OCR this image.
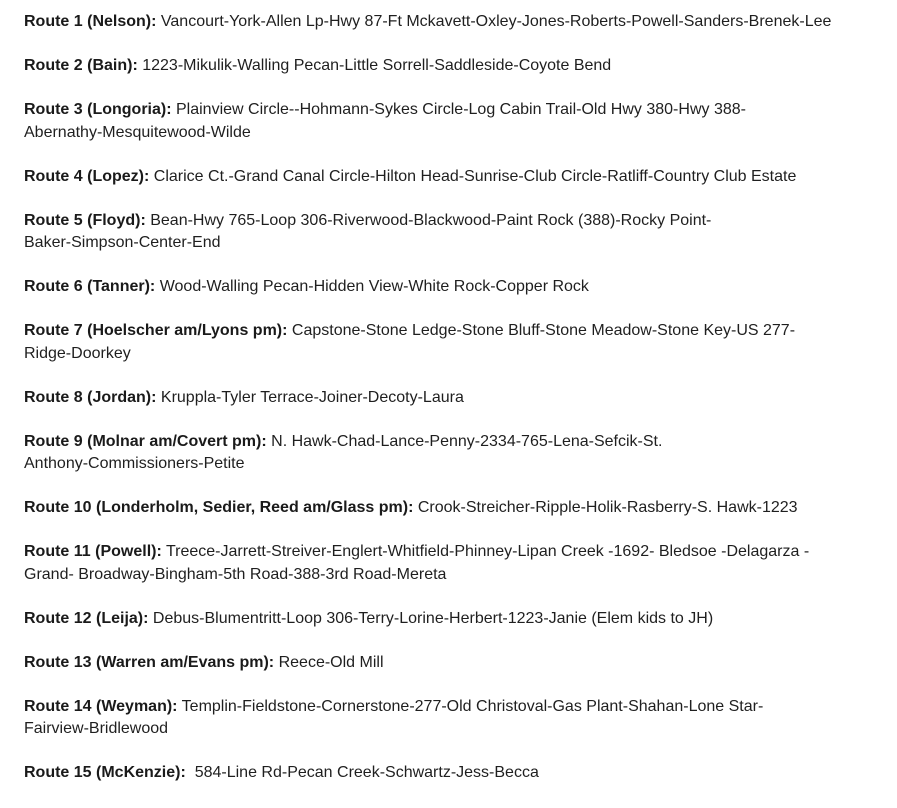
Route 1 (Nelson): Vancourt-York-Allen Lp-Hwy 87-Ft Mckavett-Oxley-Jones-Roberts-Powell-Sanders-Brenek-Lee
Route 2 (Bain): 1223-Mikulik-Walling Pecan-Little Sorrell-Saddleside-Coyote Bend
Route 3 (Longoria): Plainview Circle--Hohmann-Sykes Circle-Log Cabin Trail-Old Hwy 380-Hwy 388-Abernathy-Mesquitewood-Wilde
Route 4 (Lopez): Clarice Ct.-Grand Canal Circle-Hilton Head-Sunrise-Club Circle-Ratliff-Country Club Estate
Route 5 (Floyd): Bean-Hwy 765-Loop 306-Riverwood-Blackwood-Paint Rock (388)-Rocky Point-Baker-Simpson-Center-End
Route 6 (Tanner): Wood-Walling Pecan-Hidden View-White Rock-Copper Rock
Route 7 (Hoelscher am/Lyons pm): Capstone-Stone Ledge-Stone Bluff-Stone Meadow-Stone Key-US 277-Ridge-Doorkey
Route 8 (Jordan): Kruppla-Tyler Terrace-Joiner-Decoty-Laura
Route 9 (Molnar am/Covert pm): N. Hawk-Chad-Lance-Penny-2334-765-Lena-Sefcik-St. Anthony-Commissioners-Petite
Route 10 (Londerholm, Sedier, Reed am/Glass pm): Crook-Streicher-Ripple-Holik-Rasberry-S. Hawk-1223
Route 11 (Powell): Treece-Jarrett-Streiver-Englert-Whitfield-Phinney-Lipan Creek -1692- Bledsoe -Delagarza -Grand- Broadway-Bingham-5th Road-388-3rd Road-Mereta
Route 12 (Leija): Debus-Blumentritt-Loop 306-Terry-Lorine-Herbert-1223-Janie (Elem kids to JH)
Route 13 (Warren am/Evans pm): Reece-Old Mill
Route 14 (Weyman): Templin-Fieldstone-Cornerstone-277-Old Christoval-Gas Plant-Shahan-Lone Star-Fairview-Bridlewood
Route 15 (McKenzie):  584-Line Rd-Pecan Creek-Schwartz-Jess-Becca
